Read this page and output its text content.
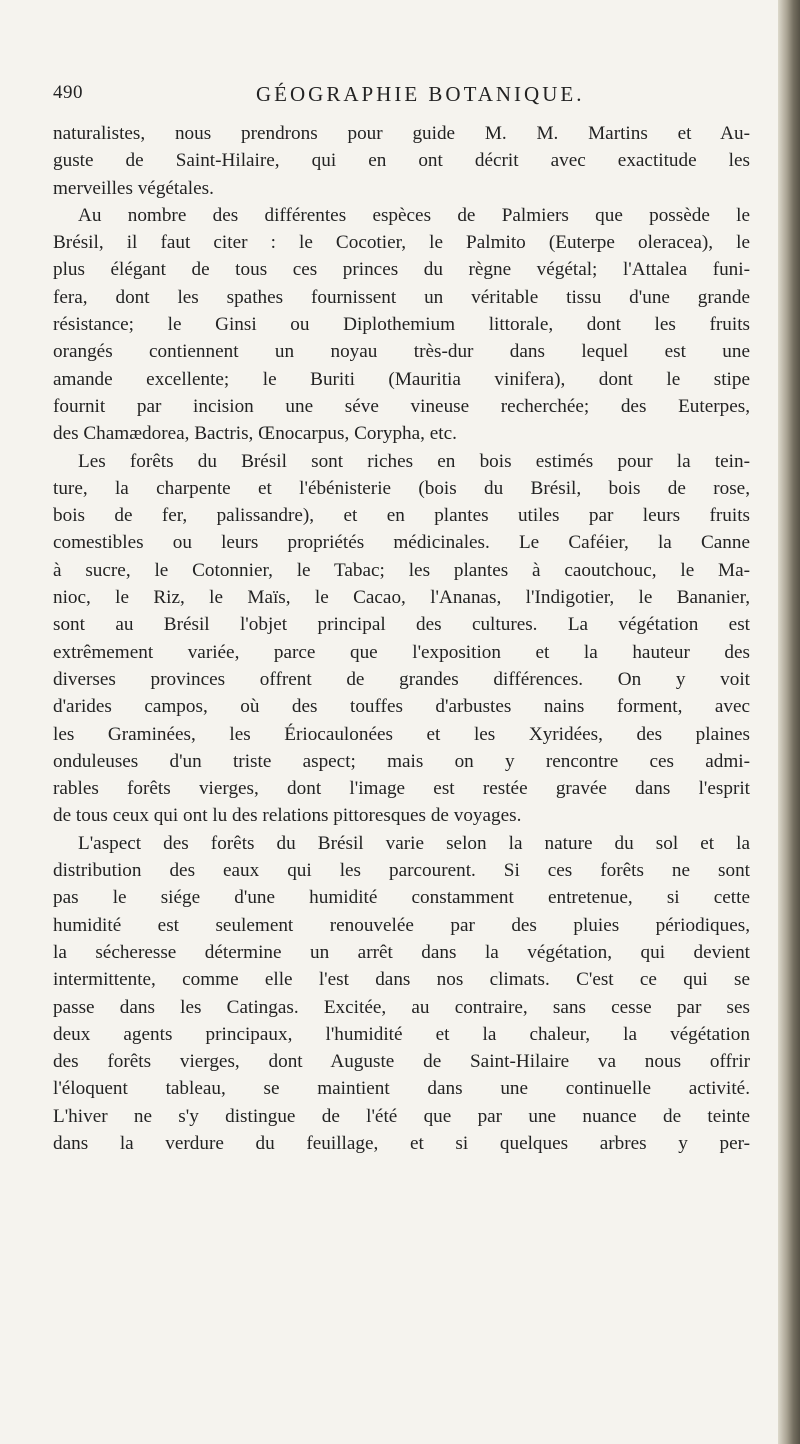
490	GÉOGRAPHIE BOTANIQUE.
naturalistes, nous prendrons pour guide M. M. Martins et Au-
guste de Saint-Hilaire, qui en ont décrit avec exactitude les
merveilles végétales.
Au nombre des différentes espèces de Palmiers que possède le
Brésil, il faut citer : le Cocotier, le Palmito (Euterpe oleracea), le
plus élégant de tous ces princes du règne végétal; l'Attalea funi-
fera, dont les spathes fournissent un véritable tissu d'une grande
résistance; le Ginsi ou Diplothemium littorale, dont les fruits
orangés contiennent un noyau très-dur dans lequel est une
amande excellente; le Buriti (Mauritia vinifera), dont le stipe
fournit par incision une séve vineuse recherchée; des Euterpes,
des Chamædorea, Bactris, Œnocarpus, Corypha, etc.
Les forêts du Brésil sont riches en bois estimés pour la tein-
ture, la charpente et l'ébénisterie (bois du Brésil, bois de rose,
bois de fer, palissandre), et en plantes utiles par leurs fruits
comestibles ou leurs propriétés médicinales. Le Caféier, la Canne
à sucre, le Cotonnier, le Tabac; les plantes à caoutchouc, le Ma-
nioc, le Riz, le Maïs, le Cacao, l'Ananas, l'Indigotier, le Bananier,
sont au Brésil l'objet principal des cultures. La végétation est
extrêmement variée, parce que l'exposition et la hauteur des
diverses provinces offrent de grandes différences. On y voit
d'arides campos, où des touffes d'arbustes nains forment, avec
les Graminées, les Ériocaulonées et les Xyridées, des plaines
onduleuses d'un triste aspect; mais on y rencontre ces admi-
rables forêts vierges, dont l'image est restée gravée dans l'esprit
de tous ceux qui ont lu des relations pittoresques de voyages.
L'aspect des forêts du Brésil varie selon la nature du sol et la
distribution des eaux qui les parcourent. Si ces forêts ne sont
pas le siége d'une humidité constamment entretenue, si cette
humidité est seulement renouvelée par des pluies périodiques,
la sécheresse détermine un arrêt dans la végétation, qui devient
intermittente, comme elle l'est dans nos climats. C'est ce qui se
passe dans les Catingas. Excitée, au contraire, sans cesse par ses
deux agents principaux, l'humidité et la chaleur, la végétation
des forêts vierges, dont Auguste de Saint-Hilaire va nous offrir
l'éloquent tableau, se maintient dans une continuelle activité.
L'hiver ne s'y distingue de l'été que par une nuance de teinte
dans la verdure du feuillage, et si quelques arbres y per-
